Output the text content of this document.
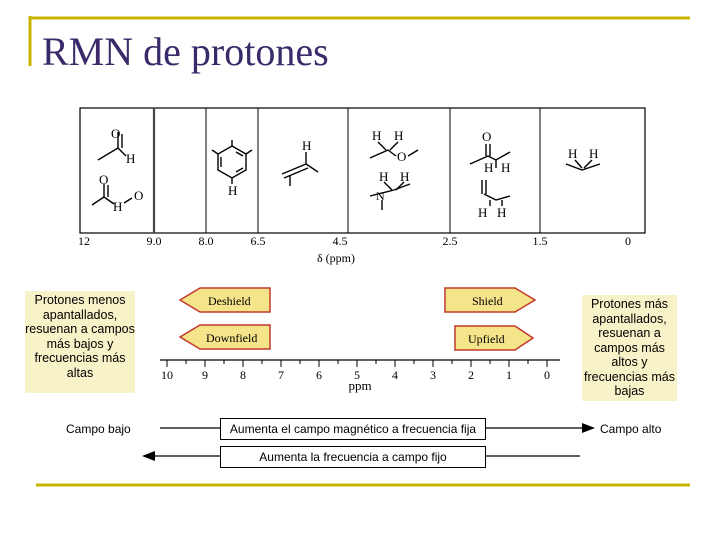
RMN de protones
O
H
O
H
O	H
H
H H
O
H H
N
O
H H
H H
H H
12	9.0	8.0	6.5	4.5	2.5	1.5	0
δ (ppm)
Deshield	Shield
Downfield	Upfield
10 9	8	7	6	5	4	3	2	1	0
ppm
Protones menos apantallados, resuenan a campos más bajos y frecuencias más altas
Protones más apantallados, resuenan a campos más altos y frecuencias más bajas
Campo bajo	Campo alto
Aumenta el campo magnético a frecuencia fija
Aumenta la frecuencia a campo fijo
